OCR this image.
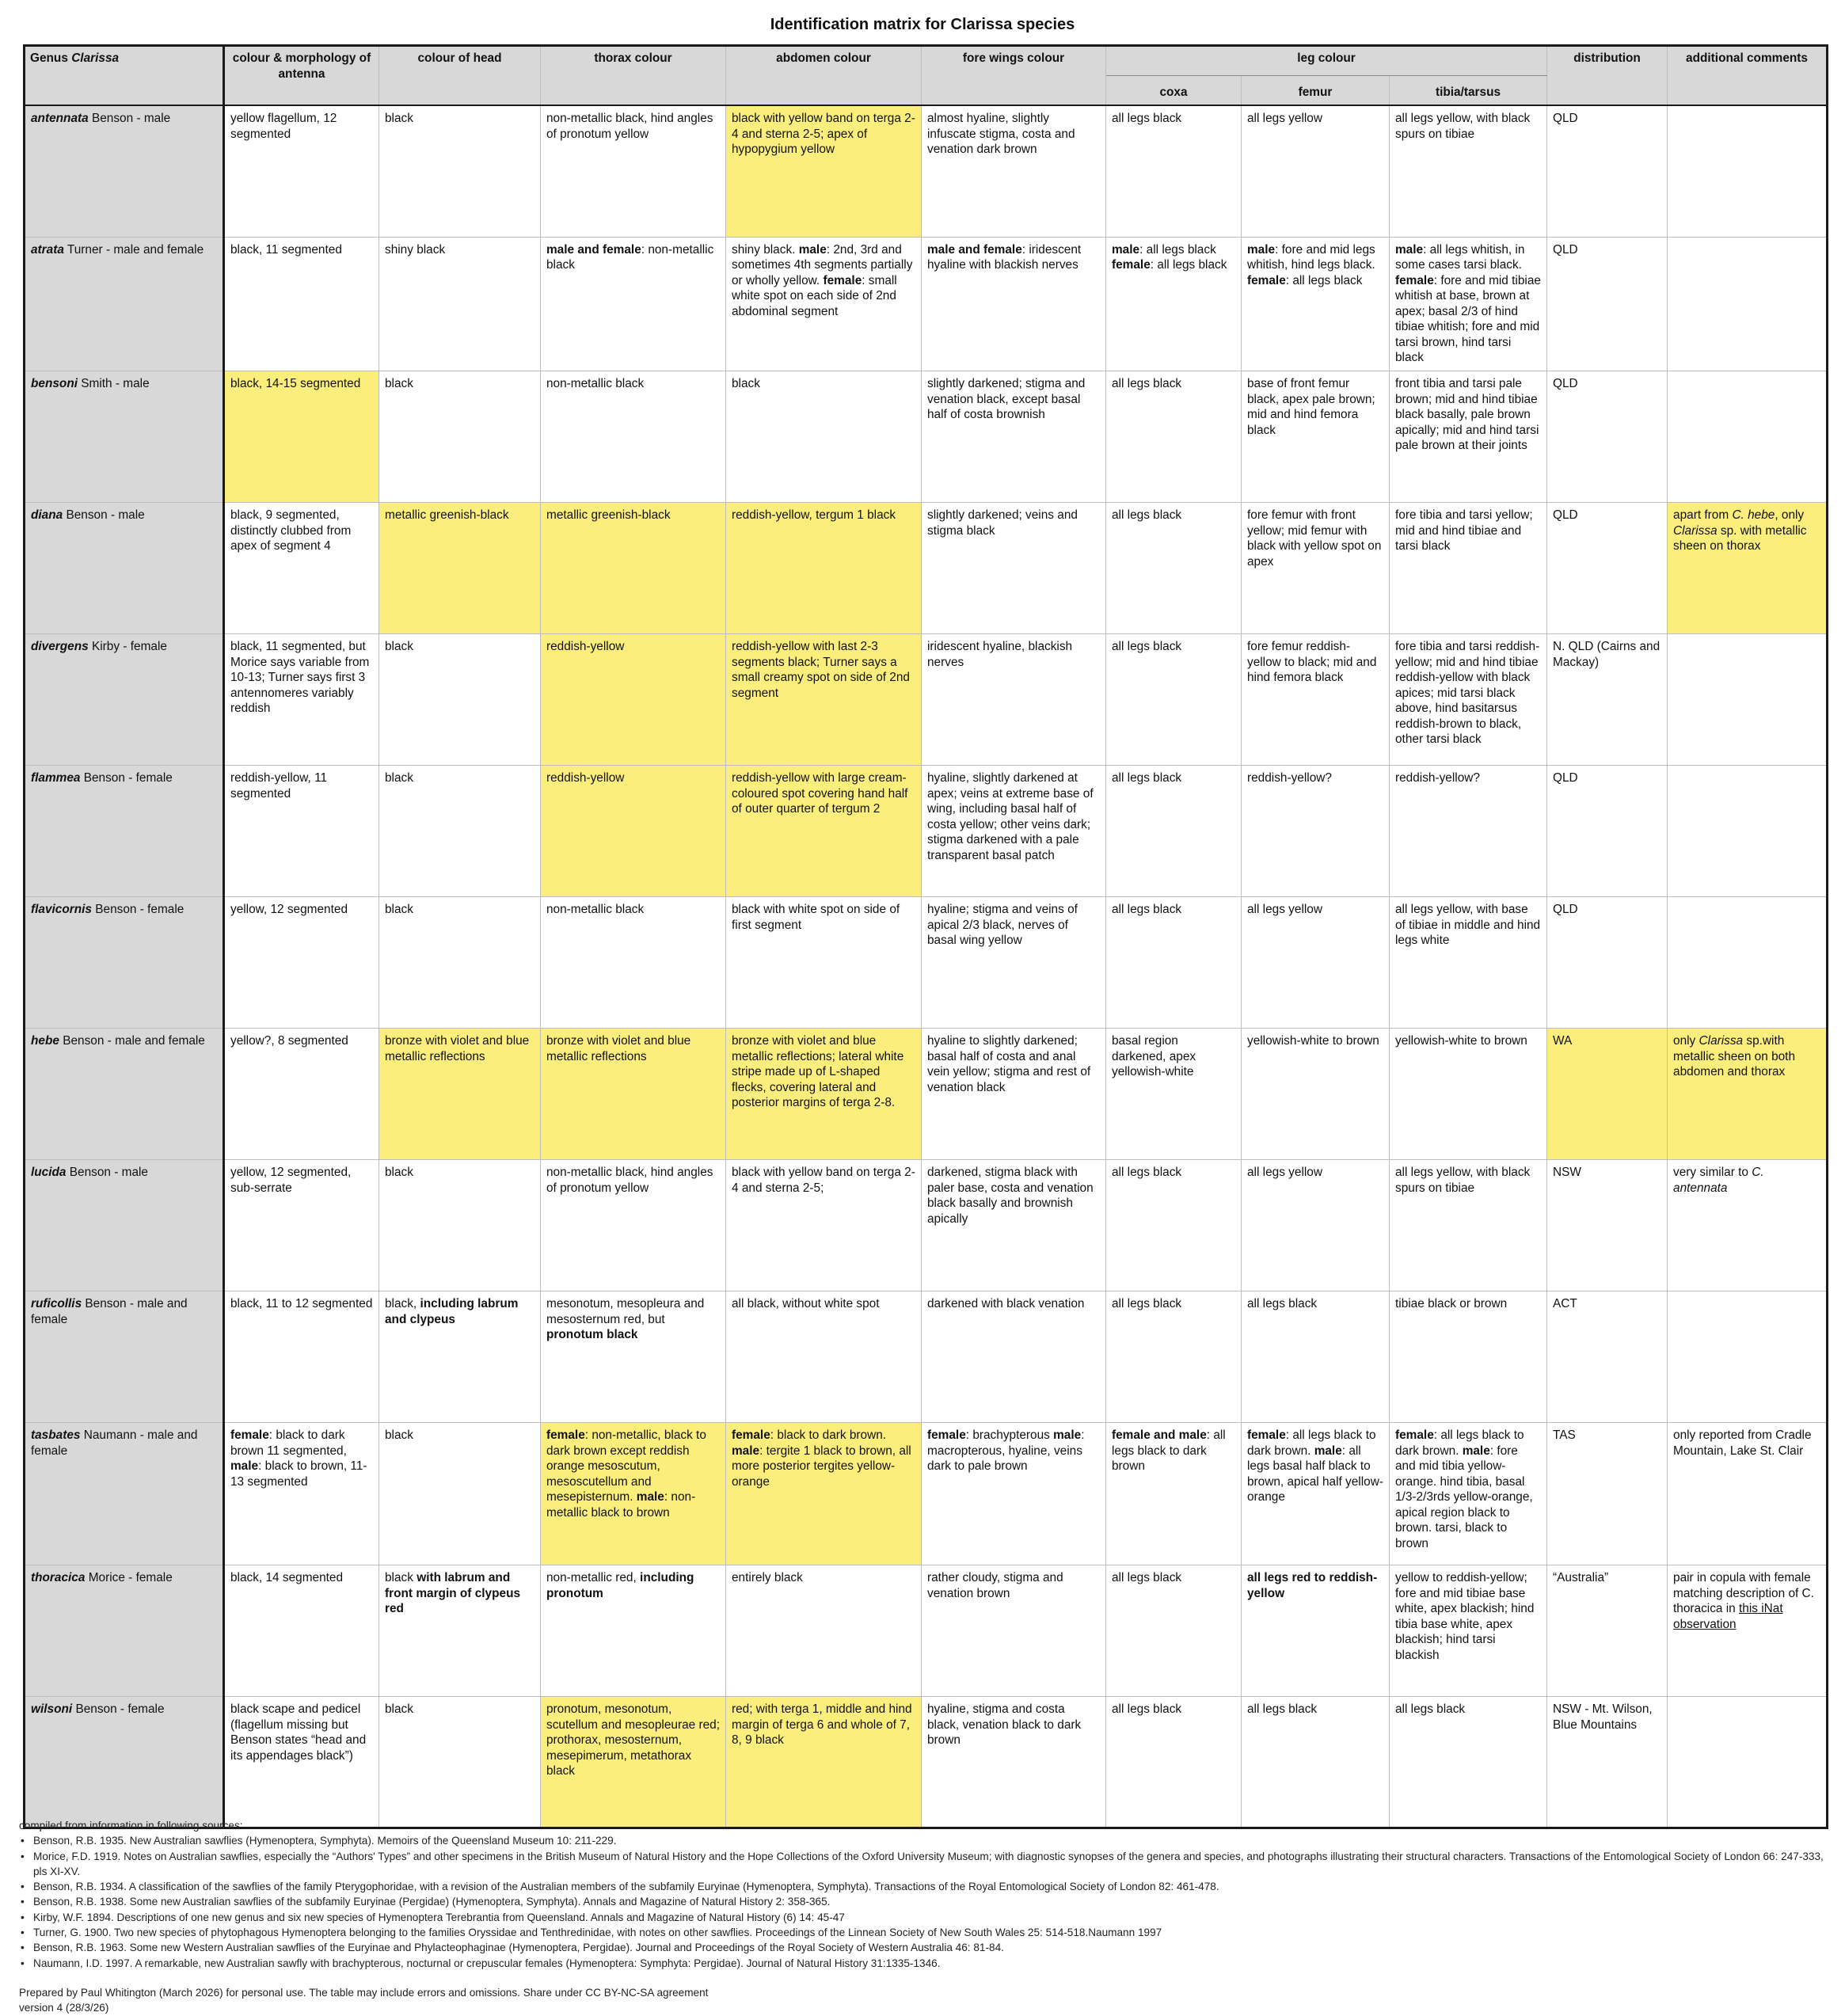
Identification matrix for Clarissa species
Genus Clarissa	colour & morphology of antenna	colour of head	thorax colour	abdomen colour	fore wings colour	leg colour			distribution	additional comments
						coxa	femur	tibia/tarsus		
antennata Benson - male	yellow flagellum, 12 segmented	black	non-metallic black, hind angles of pronotum yellow	black with yellow band on terga 2-4 and sterna 2-5; apex of hypopygium yellow	almost hyaline, slightly infuscate stigma, costa and venation dark brown	all legs black	all legs yellow	all legs yellow, with black spurs on tibiae	QLD	
atrata Turner - male and female	black, 11 segmented	shiny black	male and female: non-metallic black	shiny black. male: 2nd, 3rd and sometimes 4th segments partially or wholly yellow. female: small white spot on each side of 2nd abdominal segment	male and female: iridescent hyaline with blackish nerves	male: all legs black female: all legs black	male: fore and mid legs whitish, hind legs black. female: all legs black	male: all legs whitish, in some cases tarsi black. female: fore and mid tibiae whitish at base, brown at apex; basal 2/3 of hind tibiae whitish; fore and mid tarsi brown, hind tarsi black	QLD	
bensoni Smith - male	black, 14-15 segmented	black	non-metallic black	black	slightly darkened; stigma and venation black, except basal half of costa brownish	all legs black	base of front femur black, apex pale brown; mid and hind femora black	front tibia and tarsi pale brown; mid and hind tibiae black basally, pale brown apically; mid and hind tarsi pale brown at their joints	QLD	
diana Benson - male	black, 9 segmented, distinctly clubbed from apex of segment 4	metallic greenish-black	metallic greenish-black	reddish-yellow, tergum 1 black	slightly darkened; veins and stigma black	all legs black	fore femur with front yellow; mid femur with black with yellow spot on apex	fore tibia and tarsi yellow; mid and hind tibiae and tarsi black	QLD	apart from C. hebe, only Clarissa sp. with metallic sheen on thorax
divergens Kirby - female	black, 11 segmented, but Morice says variable from 10-13; Turner says first 3 antennomeres variably reddish	black	reddish-yellow	reddish-yellow with last 2-3 segments black; Turner says a small creamy spot on side of 2nd segment	iridescent hyaline, blackish nerves	all legs black	fore femur reddish-yellow to black; mid and hind femora black	fore tibia and tarsi reddish-yellow; mid and hind tibiae reddish-yellow with black apices; mid tarsi black above, hind basitarsus reddish-brown to black, other tarsi black	N. QLD (Cairns and Mackay)	
flammea Benson - female	reddish-yellow, 11 segmented	black	reddish-yellow	reddish-yellow with large cream-coloured spot covering hand half of outer quarter of tergum 2	hyaline, slightly darkened at apex; veins at extreme base of wing, including basal half of costa yellow; other veins dark; stigma darkened with a pale transparent basal patch	all legs black	reddish-yellow?	reddish-yellow?	QLD	
flavicornis Benson - female	yellow, 12 segmented	black	non-metallic black	black with white spot on side of first segment	hyaline; stigma and veins of apical 2/3 black, nerves of basal wing yellow	all legs black	all legs yellow	all legs yellow, with base of tibiae in middle and hind legs white	QLD	
hebe Benson - male and female	yellow?, 8 segmented	bronze with violet and blue metallic reflections	bronze with violet and blue metallic reflections	bronze with violet and blue metallic reflections; lateral white stripe made up of L-shaped flecks, covering lateral and posterior margins of terga 2-8.	hyaline to slightly darkened; basal half of costa and anal vein yellow; stigma and rest of venation black	basal region darkened, apex yellowish-white	yellowish-white to brown	yellowish-white to brown	WA	only Clarissa sp.with metallic sheen on both abdomen and thorax
lucida Benson - male	yellow, 12 segmented, sub-serrate	black	non-metallic black, hind angles of pronotum yellow	black with yellow band on terga 2-4 and sterna 2-5;	darkened, stigma black with paler base, costa and venation black basally and brownish apically	all legs black	all legs yellow	all legs yellow, with black spurs on tibiae	NSW	very similar to C. antennata
ruficollis Benson - male and female	black, 11 to 12 segmented	black, including labrum and clypeus	mesonotum, mesopleura and mesosternum red, but pronotum black	all black, without white spot	darkened with black venation	all legs black	all legs black	tibiae black or brown	ACT	
tasbates Naumann - male and female	female: black to dark brown 11 segmented, male: black to brown, 11-13 segmented	black	female: non-metallic, black to dark brown except reddish orange mesoscutum, mesoscutellum and mesepisternum. male: non-metallic black to brown	female: black to dark brown. male: tergite 1 black to brown, all more posterior tergites yellow-orange	female: brachypterous male: macropterous, hyaline, veins dark to pale brown	female and male: all legs black to dark brown	female: all legs black to dark brown. male: all legs basal half black to brown, apical half yellow-orange	female: all legs black to dark brown. male: fore and mid tibia yellow-orange. hind tibia, basal 1/3-2/3rds yellow-orange, apical region black to brown. tarsi, black to brown	TAS	only reported from Cradle Mountain, Lake St. Clair
thoracica Morice - female	black, 14 segmented	black with labrum and front margin of clypeus red	non-metallic red, including pronotum	entirely black	rather cloudy, stigma and venation brown	all legs black	all legs red to reddish-yellow	yellow to reddish-yellow; fore and mid tibiae base white, apex blackish; hind tibia base white, apex blackish; hind tarsi blackish	“Australia”	pair in copula with female matching description of C. thoracica in this iNat observation
wilsoni Benson - female	black scape and pedicel (flagellum missing but Benson states “head and its appendages black”)	black	pronotum, mesonotum, scutellum and mesopleurae red; prothorax, mesosternum, mesepimerum, metathorax black	red; with terga 1, middle and hind margin of terga 6 and whole of 7, 8, 9 black	hyaline, stigma and costa black, venation black to dark brown	all legs black	all legs black	all legs black	NSW - Mt. Wilson, Blue Mountains	
compiled from information in following sources:
• Benson, R.B. 1935. New Australian sawflies (Hymenoptera, Symphyta). Memoirs of the Queensland Museum 10: 211-229.
• Morice, F.D. 1919. Notes on Australian sawflies, especially the “Authors' Types” and other specimens in the British Museum of Natural History and the Hope Collections of the Oxford University Museum; with diagnostic synopses of the genera and species, and photographs illustrating their structural characters. Transactions of the Entomological Society of London 66: 247-333, pls XI-XV.
• Benson, R.B. 1934. A classification of the sawflies of the family Pterygophoridae, with a revision of the Australian members of the subfamily Euryinae (Hymenoptera, Symphyta). Transactions of the Royal Entomological Society of London 82: 461-478.
• Benson, R.B. 1938. Some new Australian sawflies of the subfamily Euryinae (Pergidae) (Hymenoptera, Symphyta). Annals and Magazine of Natural History 2: 358-365.
• Kirby, W.F. 1894. Descriptions of one new genus and six new species of Hymenoptera Terebrantia from Queensland. Annals and Magazine of Natural History (6) 14: 45-47
• Turner, G. 1900. Two new species of phytophagous Hymenoptera belonging to the families Oryssidae and Tenthredinidae, with notes on other sawflies. Proceedings of the Linnean Society of New South Wales 25: 514-518.Naumann 1997
• Benson, R.B. 1963. Some new Western Australian sawflies of the Euryinae and Phylacteophaginae (Hymenoptera, Pergidae). Journal and Proceedings of the Royal Society of Western Australia 46: 81-84.
• Naumann, I.D. 1997. A remarkable, new Australian sawfly with brachypterous, nocturnal or crepuscular females (Hymenoptera: Symphyta: Pergidae). Journal of Natural History 31:1335-1346.
Prepared by Paul Whitington (March 2026) for personal use. The table may include errors and omissions. Share under CC BY-NC-SA agreement
version 4 (28/3/26)
